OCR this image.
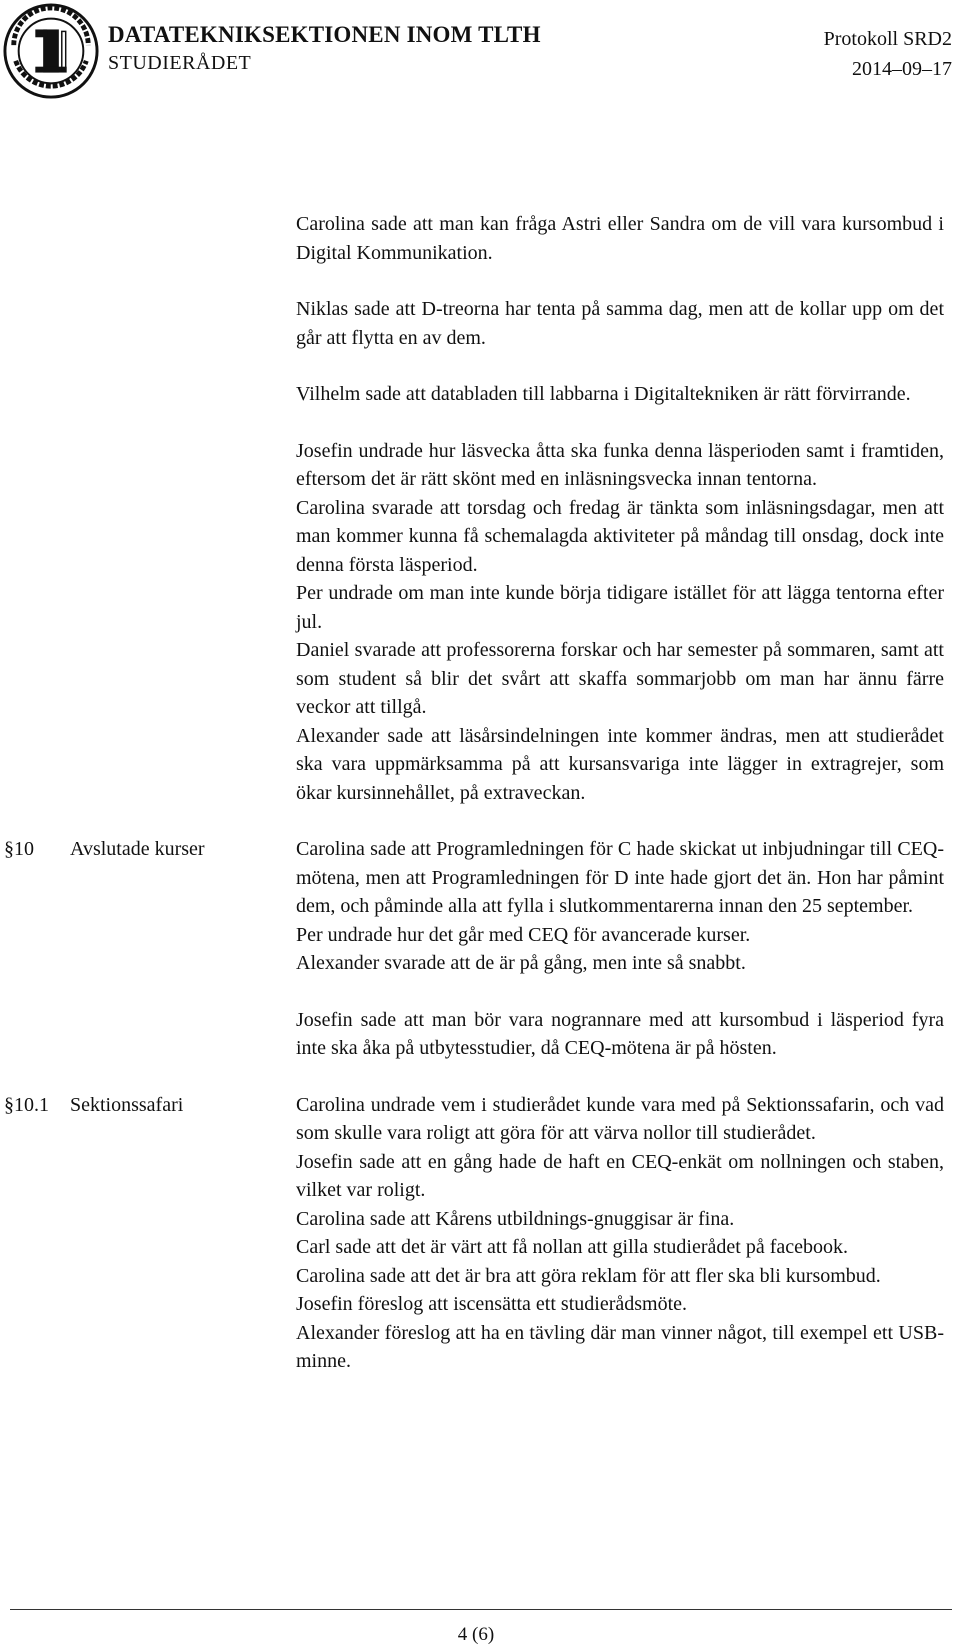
DATATEKNIKSEKTIONEN INOM TLTH
STUDIERÅDET
Protokoll SRD2
2014–09–17

Carolina sade att man kan fråga Astri eller Sandra om de vill vara kursombud i Digital Kommunikation.

Niklas sade att D-treorna har tenta på samma dag, men att de kollar upp om det går att flytta en av dem.

Vilhelm sade att databladen till labbarna i Digitaltekniken är rätt förvirrande.

Josefin undrade hur läsvecka åtta ska funka denna läsperioden samt i framtiden, eftersom det är rätt skönt med en inläsningsvecka innan tentorna.

Carolina svarade att torsdag och fredag är tänkta som inläsningsdagar, men att man kommer kunna få schemalagda aktiviteter på måndag till onsdag, dock inte denna första läsperiod.

Per undrade om man inte kunde börja tidigare istället för att lägga tentorna efter jul.

Daniel svarade att professorerna forskar och har semester på sommaren, samt att som student så blir det svårt att skaffa sommarjobb om man har ännu färre veckor att tillgå.

Alexander sade att läsårsindelningen inte kommer ändras, men att studierådet ska vara uppmärksamma på att kursansvariga inte lägger in extragrejer, som ökar kursinnehållet, på extraveckan.

§10	Avslutade kurser	Carolina sade att Programledningen för C hade skickat ut inbjudningar till CEQ-mötena, men att Programledningen för D inte hade gjort det än. Hon har påmint dem, och påminde alla att fylla i slutkommentarerna innan den 25 september.

Per undrade hur det går med CEQ för avancerade kurser.

Alexander svarade att de är på gång, men inte så snabbt.

Josefin sade att man bör vara nogrannare med att kursombud i läsperiod fyra inte ska åka på utbytesstudier, då CEQ-mötena är på hösten.

§10.1	Sektionssafari	Carolina undrade vem i studierådet kunde vara med på Sektionssafarin, och vad som skulle vara roligt att göra för att värva nollor till studierådet.

Josefin sade att en gång hade de haft en CEQ-enkät om nollningen och staben, vilket var roligt.

Carolina sade att Kårens utbildnings-gnuggisar är fina.

Carl sade att det är värt att få nollan att gilla studierådet på facebook.

Carolina sade att det är bra att göra reklam för att fler ska bli kursombud.

Josefin föreslog att iscensätta ett studierådsmöte.

Alexander föreslog att ha en tävling där man vinner något, till exempel ett USB-minne.

4 (6)
